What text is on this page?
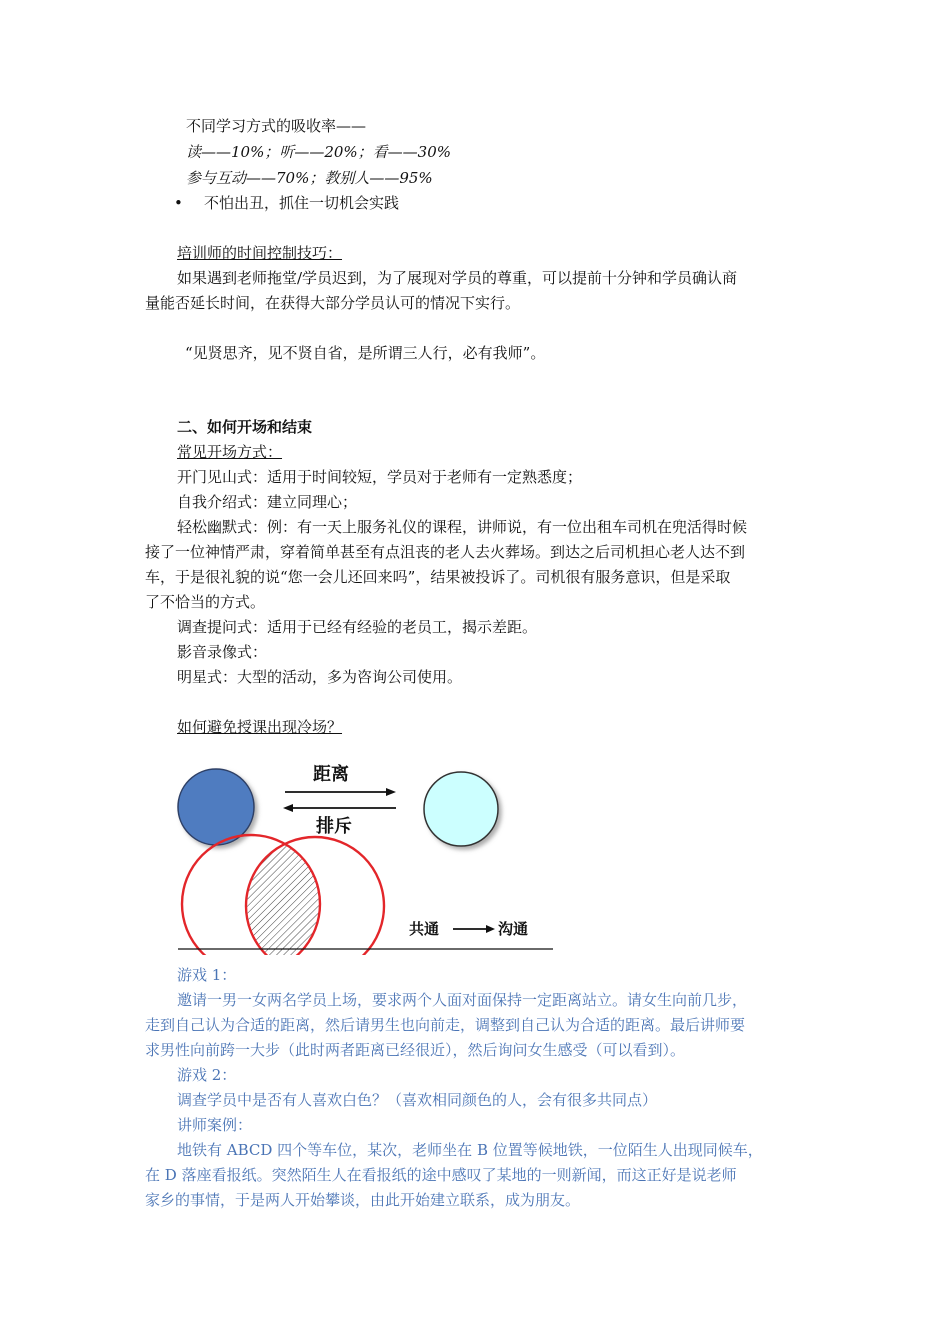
不同学习方式的吸收率——
读——10%；听——20%；看——30%
参与互动——70%；教别人——95%
• 不怕出丑，抓住一切机会实践
培训师的时间控制技巧：
如果遇到老师拖堂/学员迟到，为了展现对学员的尊重，可以提前十分钟和学员确认商
量能否延长时间，在获得大部分学员认可的情况下实行。
“见贤思齐，见不贤自省，是所谓三人行，必有我师”。
二、如何开场和结束
常见开场方式：
开门见山式：适用于时间较短，学员对于老师有一定熟悉度；
自我介绍式：建立同理心；
轻松幽默式：例：有一天上服务礼仪的课程，讲师说，有一位出租车司机在兜活得时候
接了一位神情严肃，穿着简单甚至有点沮丧的老人去火葬场。到达之后司机担心老人达不到
车，于是很礼貌的说“您一会儿还回来吗”，结果被投诉了。司机很有服务意识，但是采取
了不恰当的方式。
调查提问式：适用于已经有经验的老员工，揭示差距。
影音录像式：
明星式：大型的活动，多为咨询公司使用。
如何避免授课出现冷场？
距离
排斥
共通	沟通
游戏 1：
邀请一男一女两名学员上场，要求两个人面对面保持一定距离站立。请女生向前几步，
走到自己认为合适的距离，然后请男生也向前走，调整到自己认为合适的距离。最后讲师要
求男性向前跨一大步（此时两者距离已经很近），然后询问女生感受（可以看到）。
游戏 2：
调查学员中是否有人喜欢白色？（喜欢相同颜色的人，会有很多共同点）
讲师案例：
地铁有 ABCD 四个等车位，某次，老师坐在 B 位置等候地铁，一位陌生人出现同候车，
在 D 落座看报纸。突然陌生人在看报纸的途中感叹了某地的一则新闻，而这正好是说老师
家乡的事情，于是两人开始攀谈，由此开始建立联系，成为朋友。
